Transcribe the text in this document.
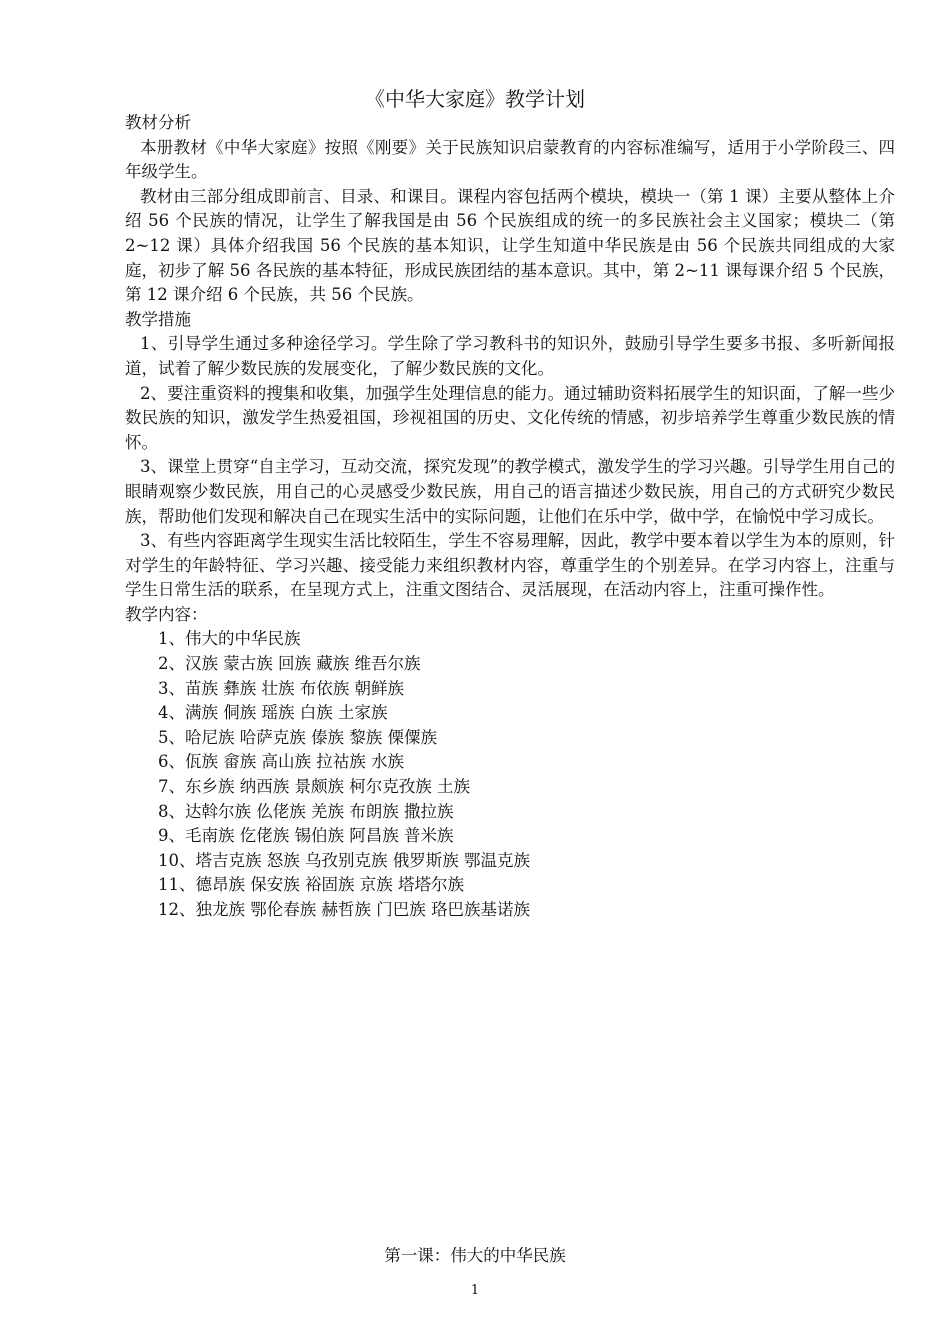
《中华大家庭》教学计划

教材分析

本册教材《中华大家庭》按照《刚要》关于民族知识启蒙教育的内容标准编写，适用于小学阶段三、四年级学生。

教材由三部分组成即前言、目录、和课目。课程内容包括两个模块，模块一（第 1 课）主要从整体上介绍 56 个民族的情况，让学生了解我国是由 56 个民族组成的统一的多民族社会主义国家；模块二（第 2~12 课）具体介绍我国 56 个民族的基本知识，让学生知道中华民族是由 56 个民族共同组成的大家庭，初步了解 56 各民族的基本特征，形成民族团结的基本意识。其中，第 2~11 课每课介绍 5 个民族，第 12 课介绍 6 个民族，共 56 个民族。

教学措施

1、引导学生通过多种途径学习。学生除了学习教科书的知识外，鼓励引导学生要多书报、多听新闻报道，试着了解少数民族的发展变化，了解少数民族的文化。

2、要注重资料的搜集和收集，加强学生处理信息的能力。通过辅助资料拓展学生的知识面，了解一些少数民族的知识，激发学生热爱祖国，珍视祖国的历史、文化传统的情感，初步培养学生尊重少数民族的情怀。

3、课堂上贯穿“自主学习，互动交流，探究发现”的教学模式，激发学生的学习兴趣。引导学生用自己的眼睛观察少数民族，用自己的心灵感受少数民族，用自己的语言描述少数民族，用自己的方式研究少数民族，帮助他们发现和解决自己在现实生活中的实际问题，让他们在乐中学，做中学，在愉悦中学习成长。

3、有些内容距离学生现实生活比较陌生，学生不容易理解，因此，教学中要本着以学生为本的原则，针对学生的年龄特征、学习兴趣、接受能力来组织教材内容，尊重学生的个别差异。在学习内容上，注重与学生日常生活的联系，在呈现方式上，注重文图结合、灵活展现，在活动内容上，注重可操作性。

教学内容：

1、伟大的中华民族
2、汉族 蒙古族 回族 藏族 维吾尔族
3、苗族 彝族 壮族 布依族 朝鲜族
4、满族 侗族 瑶族 白族 土家族
5、哈尼族 哈萨克族 傣族 黎族 傈僳族
6、佤族 畲族 高山族 拉祜族 水族
7、东乡族 纳西族 景颇族 柯尔克孜族 土族
8、达斡尔族 仫佬族 羌族 布朗族 撒拉族
9、毛南族 仡佬族 锡伯族 阿昌族 普米族
10、塔吉克族 怒族 乌孜别克族 俄罗斯族 鄂温克族
11、德昂族 保安族 裕固族 京族 塔塔尔族
12、独龙族 鄂伦春族 赫哲族 门巴族 珞巴族基诺族
第一课：伟大的中华民族
1
